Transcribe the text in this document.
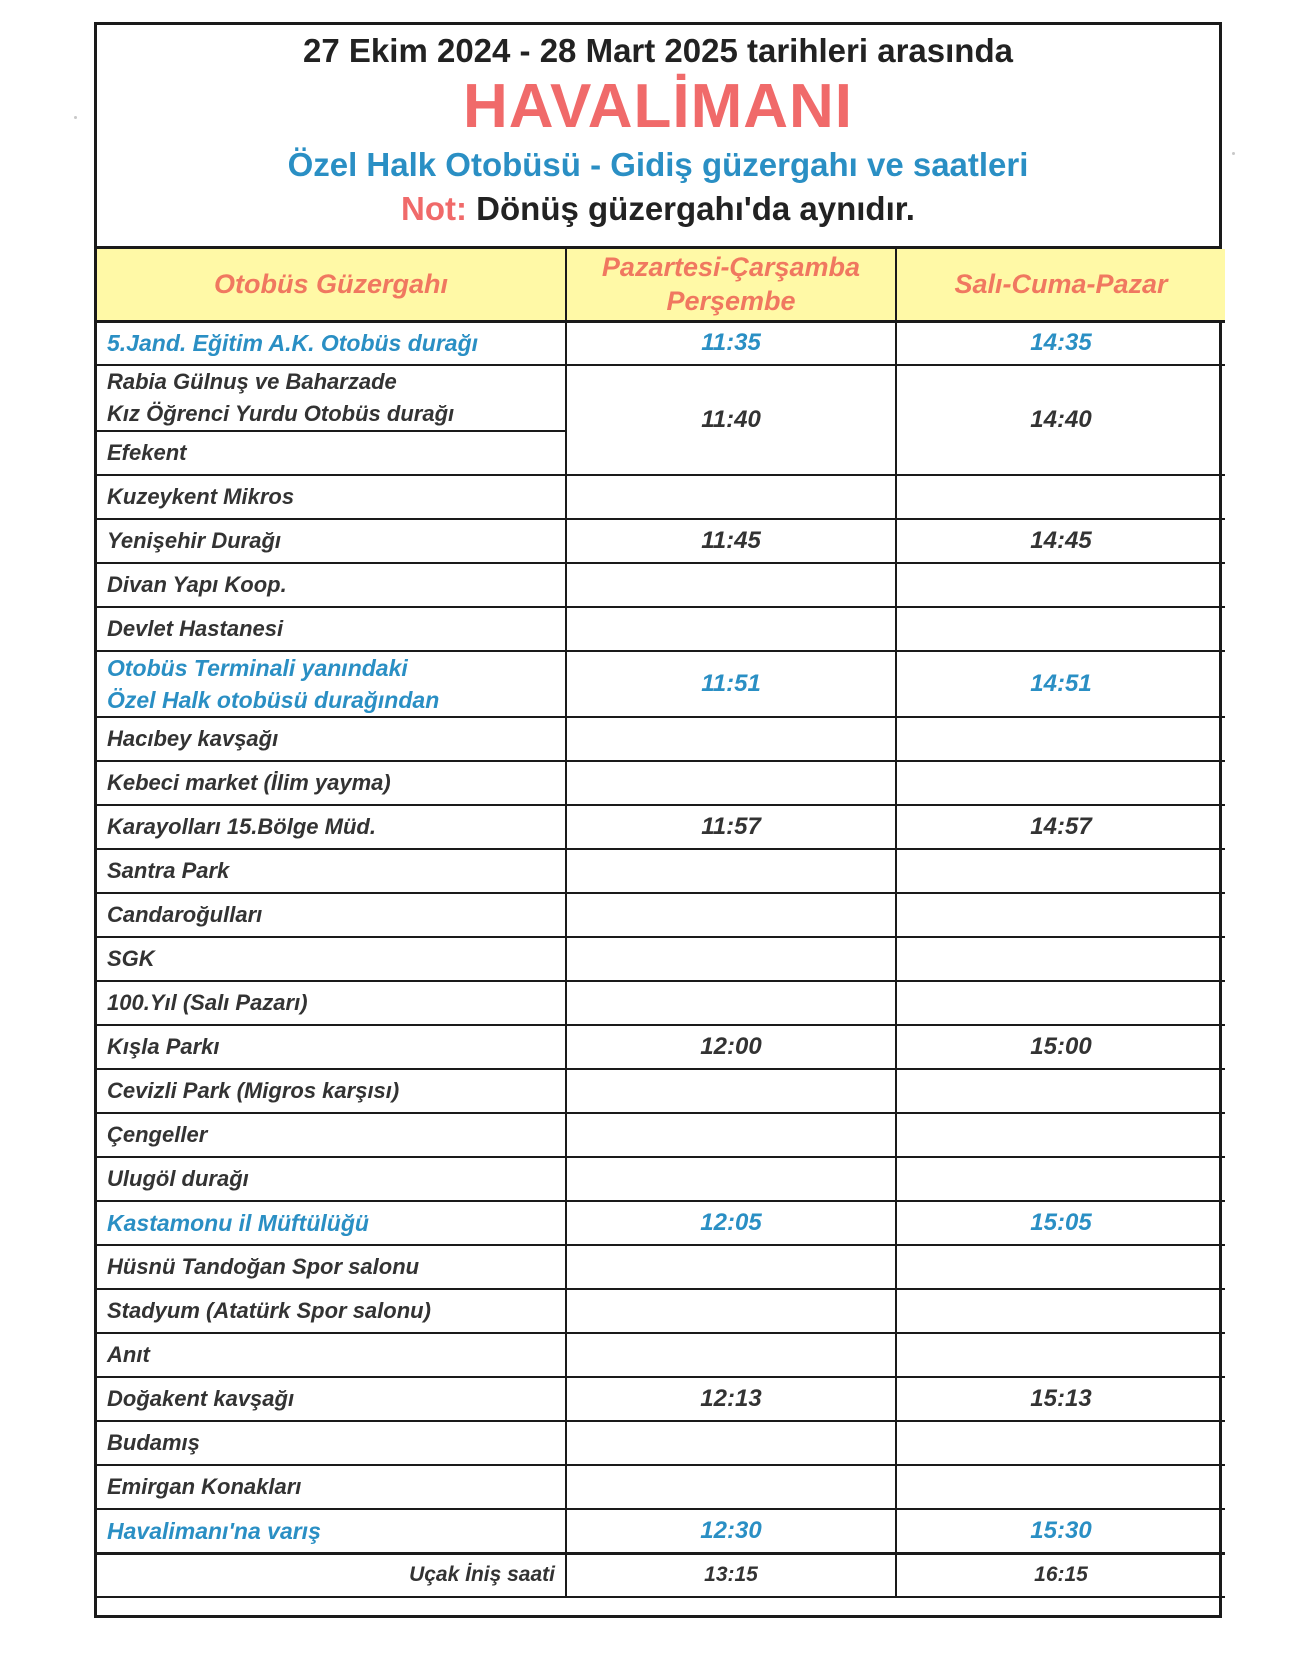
27 Ekim 2024 - 28 Mart 2025 tarihleri arasında
HAVALİMANI
Özel Halk Otobüsü - Gidiş güzergahı ve saatleri
Not: Dönüş güzergahı'da aynıdır.
Otobüs Güzergahı	Pazartesi-Çarşamba Perşembe	Salı-Cuma-Pazar

5.Jand. Eğitim A.K. Otobüs durağı	11:35	14:35

Rabia Gülnuş ve Baharzade
Kız Öğrenci Yurdu Otobüs durağı	11:40	14:40

Efekent		

Kuzeykent Mikros		

Yenişehir Durağı	11:45	14:45

Divan Yapı Koop.		

Devlet Hastanesi		

Otobüs Terminali yanındaki
Özel Halk otobüsü durağından	11:51	14:51

Hacıbey kavşağı		

Kebeci market (İlim yayma)		

Karayolları 15.Bölge Müd.	11:57	14:57

Santra Park		

Candaroğulları		

SGK		

100.Yıl (Salı Pazarı)		

Kışla Parkı	12:00	15:00

Cevizli Park (Migros karşısı)		

Çengeller		

Ulugöl durağı		

Kastamonu il Müftülüğü	12:05	15:05

Hüsnü Tandoğan Spor salonu		

Stadyum (Atatürk Spor salonu)		

Anıt		

Doğakent kavşağı	12:13	15:13

Budamış		

Emirgan Konakları		

Havalimanı'na varış	12:30	15:30
Uçak İniş saati	13:15	16:15
